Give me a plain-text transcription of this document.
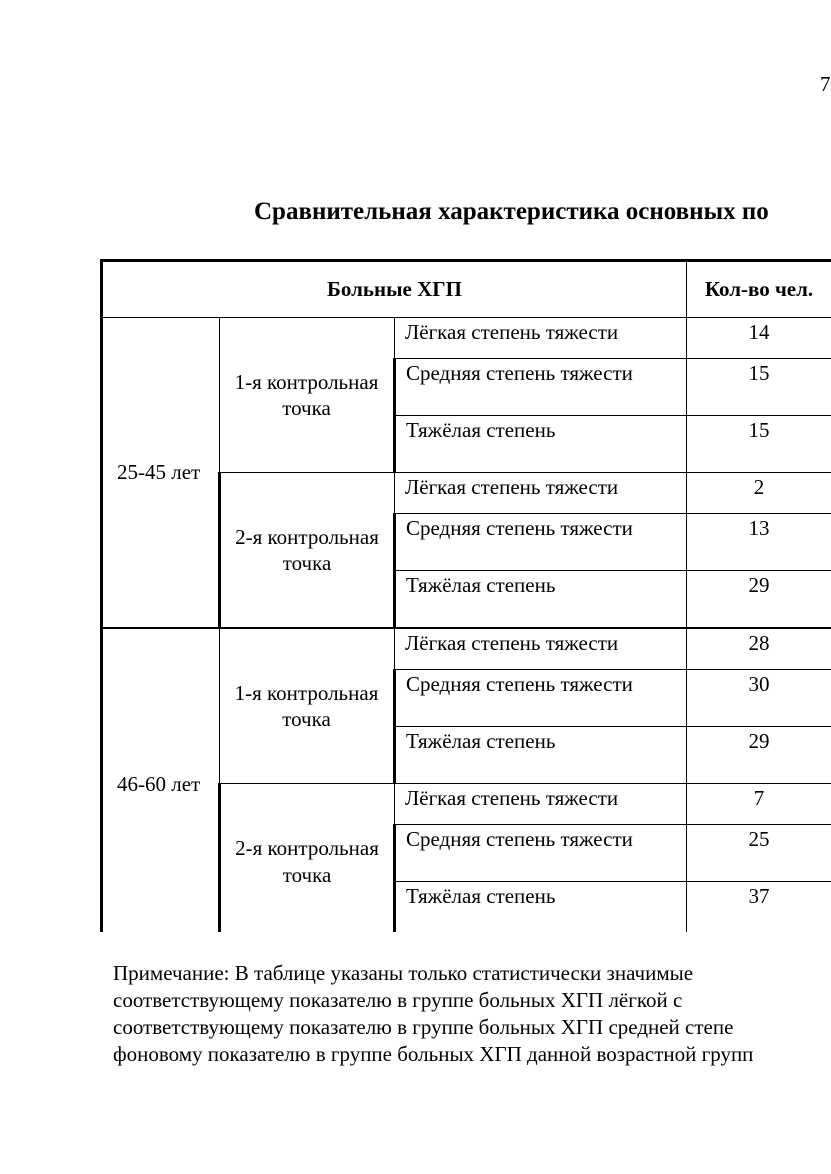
7
Сравнительная характеристика основных по
Больные ХГП			Кол-во чел.	
25-45 лет	1-я контрольная точка	Лёгкая степень тяжести	14	
		Средняя степень тяжести	15	
		Тяжёлая степень	15	
	2-я контрольная точка	Лёгкая степень тяжести	2	
		Средняя степень тяжести	13	
		Тяжёлая степень	29	
46-60 лет	1-я контрольная точка	Лёгкая степень тяжести	28	
		Средняя степень тяжести	30	
		Тяжёлая степень	29	
	2-я контрольная точка	Лёгкая степень тяжести	7	
		Средняя степень тяжести	25	
		Тяжёлая степень	37	
Примечание: В таблице указаны только статистически значимые
соответствующему показателю в группе больных ХГП лёгкой с
соответствующему показателю в группе больных ХГП средней степе
фоновому показателю в группе больных ХГП данной возрастной групп
